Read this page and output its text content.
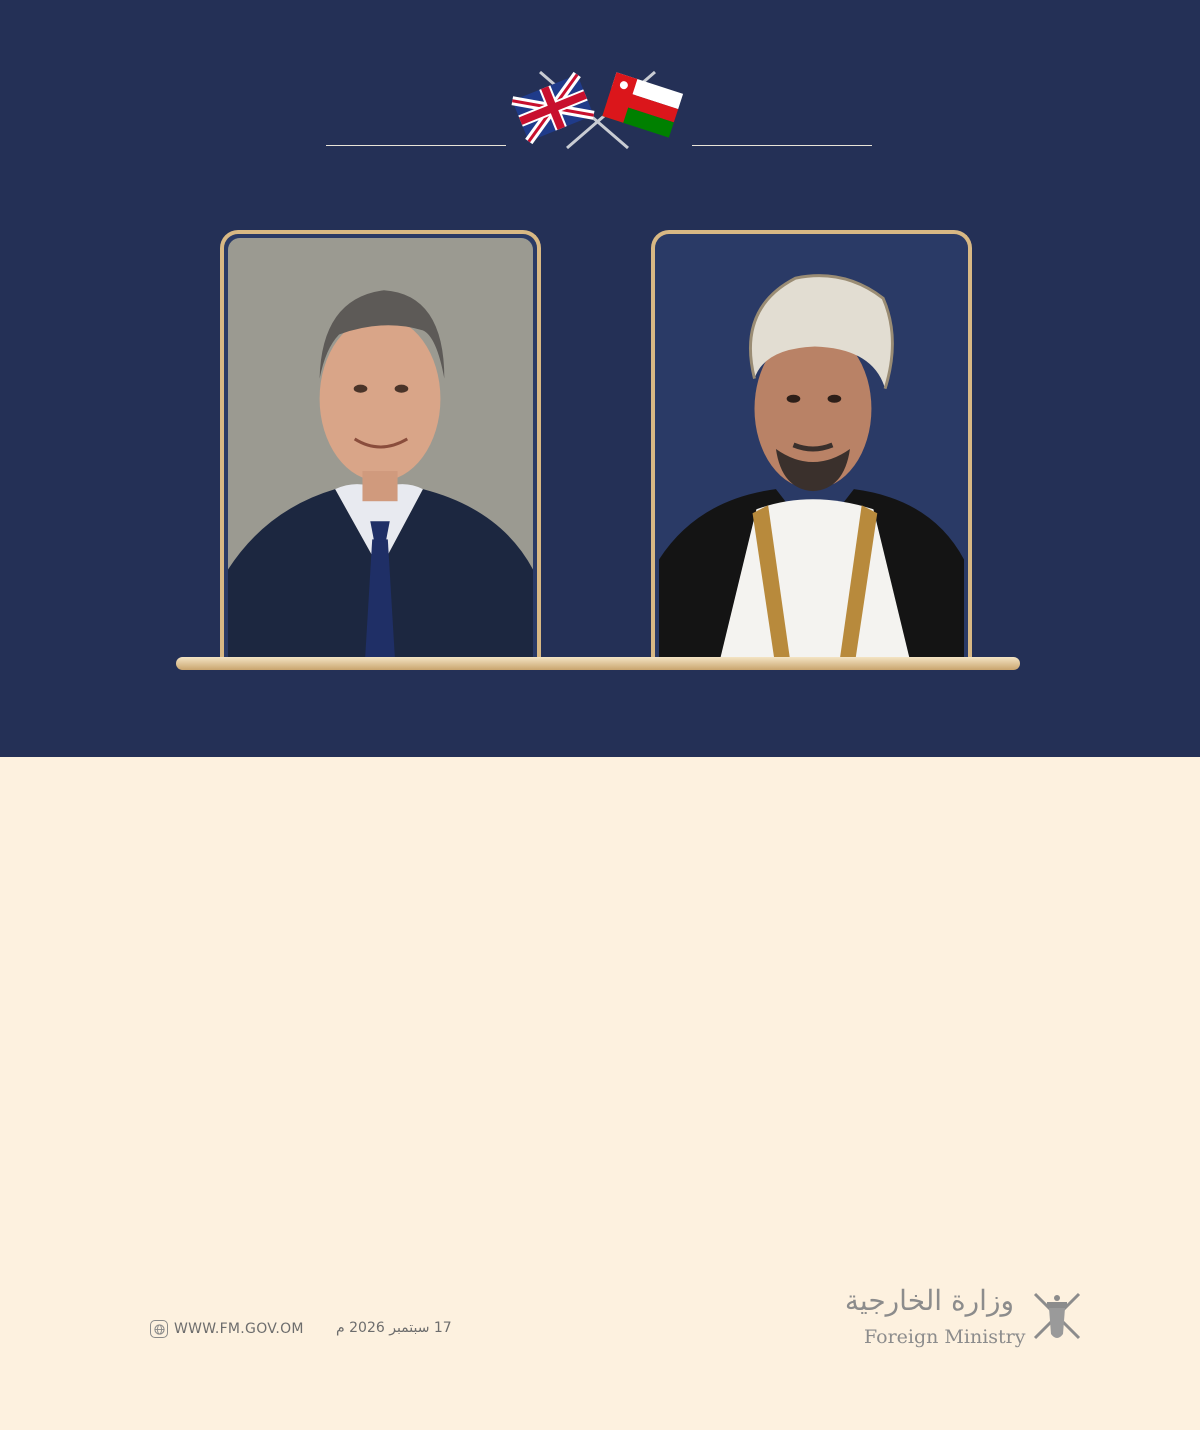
17 سبتمبر 2026 م
WWW.FM.GOV.OM
وزارة الخارجية
Foreign Ministry
